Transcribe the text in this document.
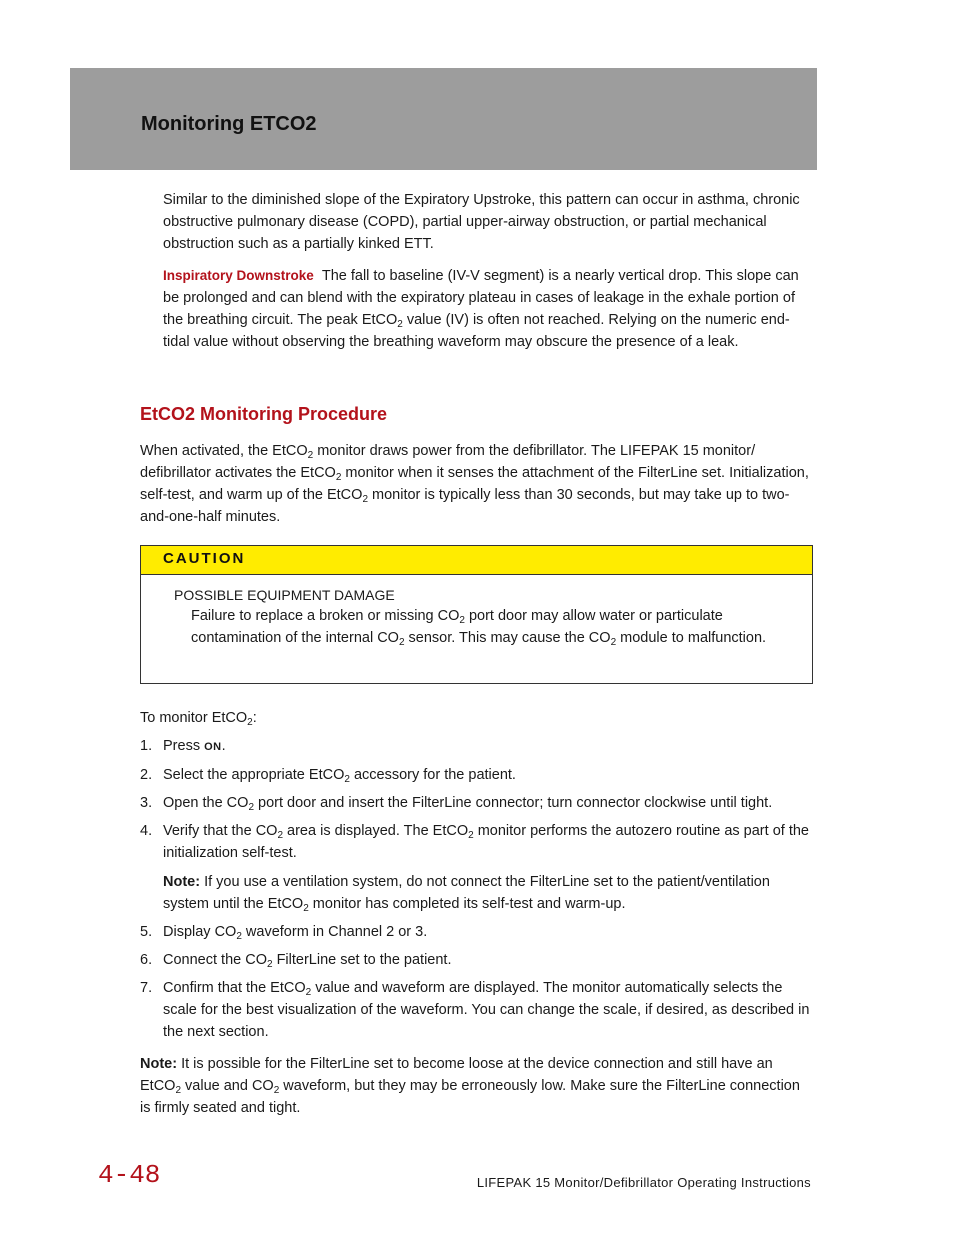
Monitoring ETCO2

Similar to the diminished slope of the Expiratory Upstroke, this pattern can occur in asthma, chronic obstructive pulmonary disease (COPD), partial upper-airway obstruction, or partial mechanical obstruction such as a partially kinked ETT.

Inspiratory Downstroke The fall to baseline (IV-V segment) is a nearly vertical drop. This slope can be prolonged and can blend with the expiratory plateau in cases of leakage in the exhale portion of the breathing circuit. The peak EtCO$_2$ value (IV) is often not reached. Relying on the numeric end-tidal value without observing the breathing waveform may obscure the presence of a leak.

EtCO2 Monitoring Procedure

When activated, the EtCO$_2$ monitor draws power from the defibrillator. The LIFEPAK 15 monitor/ defibrillator activates the EtCO$_2$ monitor when it senses the attachment of the FilterLine set. Initialization, self-test, and warm up of the EtCO$_2$ monitor is typically less than 30 seconds, but may take up to two-and-one-half minutes.

CAUTION

POSSIBLE EQUIPMENT DAMAGE

Failure to replace a broken or missing $CO_2$ port door may allow water or particulate contamination of the internal $CO_2$ sensor. This may cause the $CO_2$ module to malfunction.

To monitor EtCO$_2$:

1. Press ON.
2. Select the appropriate EtCO$_2$ accessory for the patient.
3. Open the $CO_2$ port door and insert the FilterLine connector; turn connector clockwise until tight.
4. Verify that the $CO_2$ area is displayed. The EtCO$_2$ monitor performs the autozero routine as part of the initialization self-test.
Note: If you use a ventilation system, do not connect the FilterLine set to the patient/ventilation system until the EtCO$_2$ monitor has completed its self-test and warm-up.
5. Display $CO_2$ waveform in Channel 2 or 3.
6. Connect the $CO_2$ FilterLine set to the patient.
7. Confirm that the EtCO$_2$ value and waveform are displayed. The monitor automatically selects the scale for the best visualization of the waveform. You can change the scale, if desired, as described in the next section.

Note: It is possible for the FilterLine set to become loose at the device connection and still have an EtCO$_2$ value and $CO_2$ waveform, but they may be erroneously low. Make sure the FilterLine connection is firmly seated and tight.

4-48	LIFEPAK 15 Monitor/Defibrillator Operating Instructions
